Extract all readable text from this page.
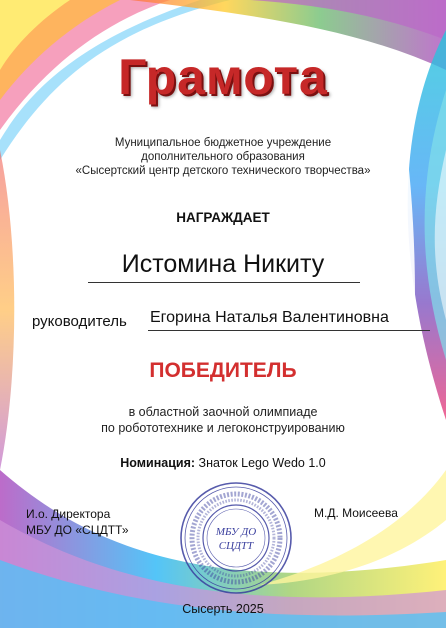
Грамота
Муниципальное бюджетное учреждение
дополнительного образования
«Сысертский центр детского технического творчества»
НАГРАЖДАЕТ
Истомина Никиту
руководитель Егорина Наталья Валентиновна
ПОБЕДИТЕЛЬ
в областной заочной олимпиаде
по робототехнике и легоконструированию
Номинация: Знаток Lego Wedo 1.0
И.о. Директора
МБУ ДО «СЦДТТ»	МБУ ДО
СЦДТТ
М.Д. Моисеева
Сысерть 2025
